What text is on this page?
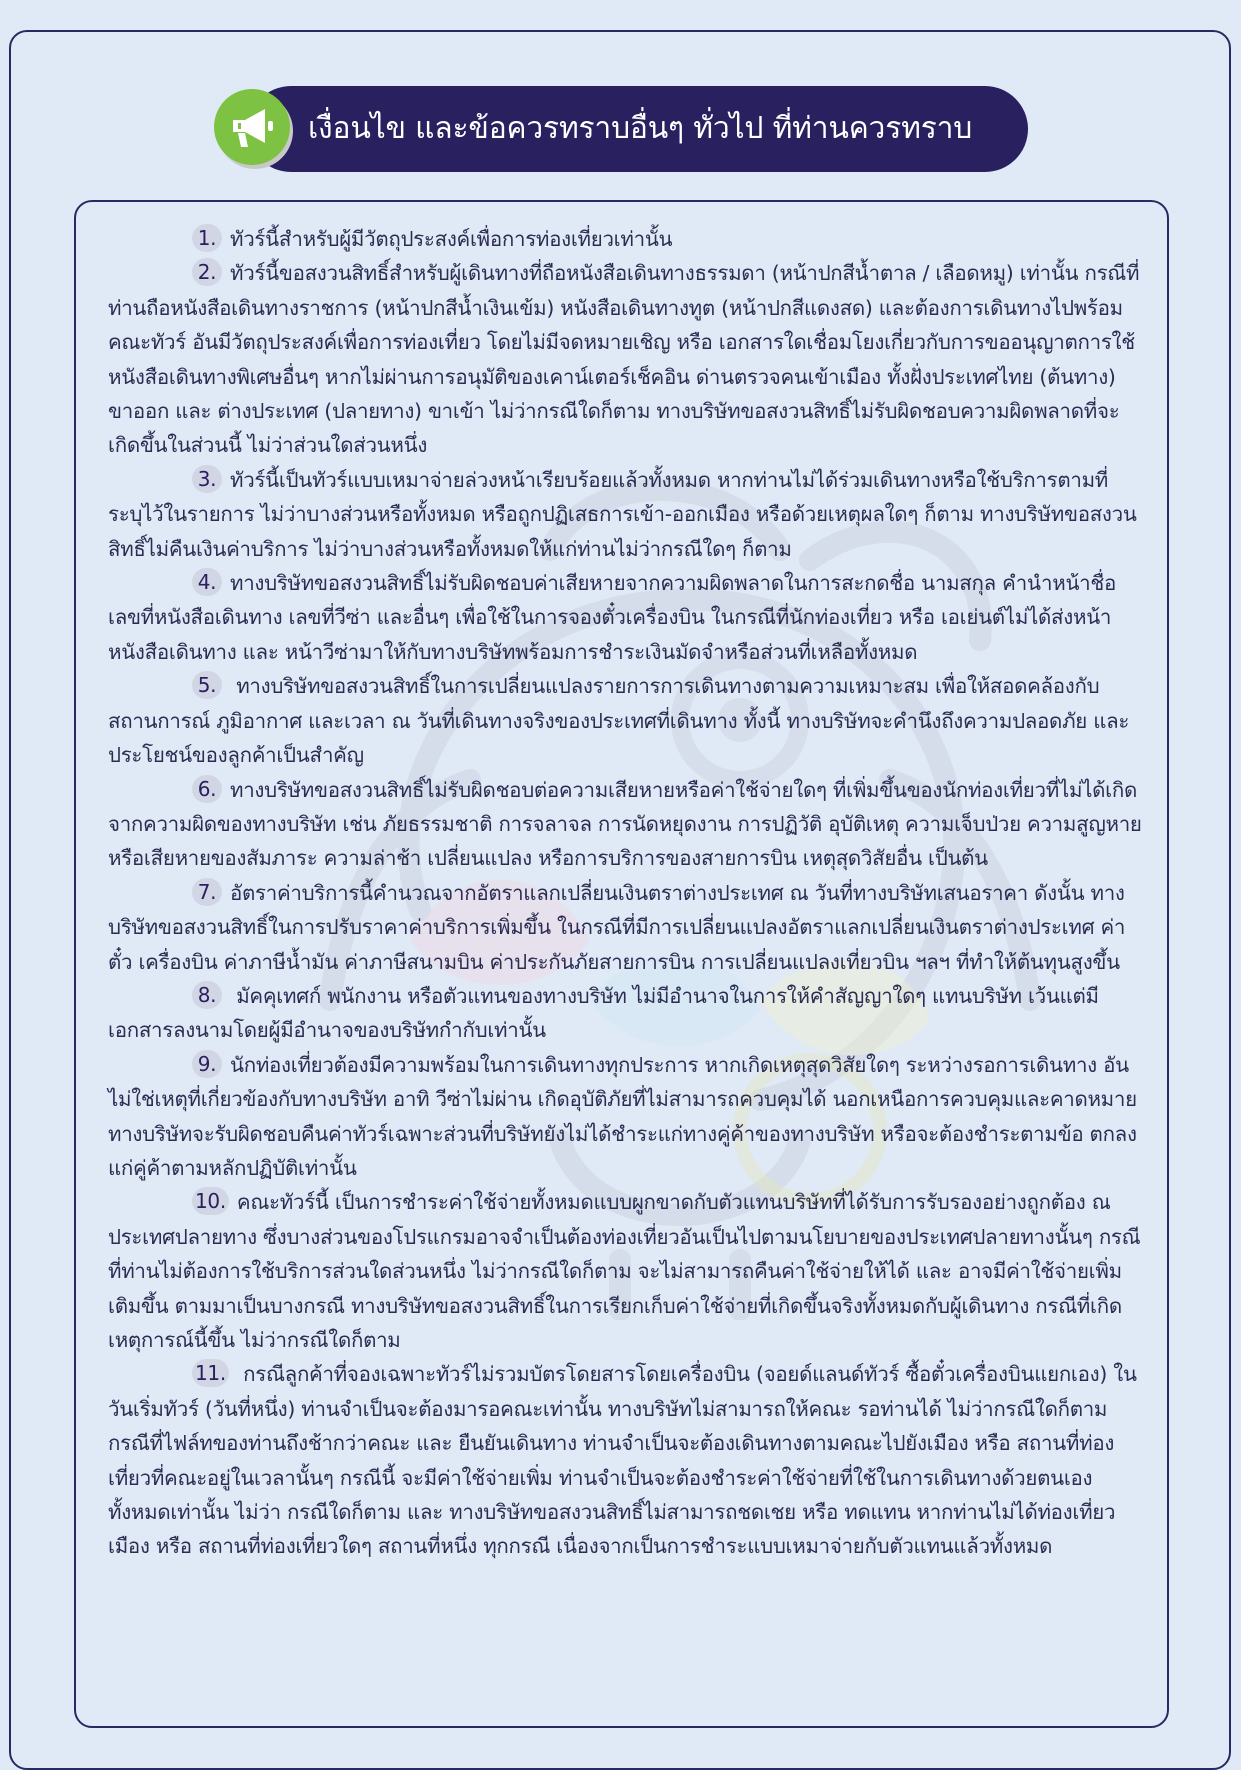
เงื่อนไข และข้อควรทราบอื่นๆ ทั่วไป ที่ท่านควรทราบ
1. ทัวร์นี้สำหรับผู้มีวัตถุประสงค์เพื่อการท่องเที่ยวเท่านั้น
2. ทัวร์นี้ขอสงวนสิทธิ์สำหรับผู้เดินทางที่ถือหนังสือเดินทางธรรมดา (หน้าปกสีน้ำตาล / เลือดหมู) เท่านั้น กรณีที่ท่านถือหนังสือเดินทางราชการ (หน้าปกสีน้ำเงินเข้ม) หนังสือเดินทางทูต (หน้าปกสีแดงสด) และต้องการเดินทางไปพร้อมคณะทัวร์ อันมีวัตถุประสงค์เพื่อการท่องเที่ยว โดยไม่มีจดหมายเชิญ หรือ เอกสารใดเชื่อมโยงเกี่ยวกับการขออนุญาตการใช้หนังสือเดินทางพิเศษอื่นๆ หากไม่ผ่านการอนุมัติของเคาน์เตอร์เช็คอิน ด่านตรวจคนเข้าเมือง ทั้งฝั่งประเทศไทย (ต้นทาง) ขาออก และ ต่างประเทศ (ปลายทาง) ขาเข้า ไม่ว่ากรณีใดก็ตาม ทางบริษัทขอสงวนสิทธิ์ไม่รับผิดชอบความผิดพลาดที่จะเกิดขึ้นในส่วนนี้ ไม่ว่าส่วนใดส่วนหนึ่ง
3. ทัวร์นี้เป็นทัวร์แบบเหมาจ่ายล่วงหน้าเรียบร้อยแล้วทั้งหมด หากท่านไม่ได้ร่วมเดินทางหรือใช้บริการตามที่ระบุไว้ในรายการ ไม่ว่าบางส่วนหรือทั้งหมด หรือถูกปฏิเสธการเข้า-ออกเมือง หรือด้วยเหตุผลใดๆ ก็ตาม ทางบริษัทขอสงวนสิทธิ์ไม่คืนเงินค่าบริการ ไม่ว่าบางส่วนหรือทั้งหมดให้แก่ท่านไม่ว่ากรณีใดๆ ก็ตาม
4. ทางบริษัทขอสงวนสิทธิ์ไม่รับผิดชอบค่าเสียหายจากความผิดพลาดในการสะกดชื่อ นามสกุล คำนำหน้าชื่อ เลขที่หนังสือเดินทาง เลขที่วีซ่า และอื่นๆ เพื่อใช้ในการจองตั๋วเครื่องบิน ในกรณีที่นักท่องเที่ยว หรือ เอเย่นต์ไม่ได้ส่งหน้าหนังสือเดินทาง และ หน้าวีซ่ามาให้กับทางบริษัทพร้อมการชำระเงินมัดจำหรือส่วนที่เหลือทั้งหมด
5. ทางบริษัทขอสงวนสิทธิ์ในการเปลี่ยนแปลงรายการการเดินทางตามความเหมาะสม เพื่อให้สอดคล้องกับ สถานการณ์ ภูมิอากาศ และเวลา ณ วันที่เดินทางจริงของประเทศที่เดินทาง ทั้งนี้ ทางบริษัทจะคำนึงถึงความปลอดภัย และ ประโยชน์ของลูกค้าเป็นสำคัญ
6. ทางบริษัทขอสงวนสิทธิ์ไม่รับผิดชอบต่อความเสียหายหรือค่าใช้จ่ายใดๆ ที่เพิ่มขึ้นของนักท่องเที่ยวที่ไม่ได้เกิดจากความผิดของทางบริษัท เช่น ภัยธรรมชาติ การจลาจล การนัดหยุดงาน การปฏิวัติ อุบัติเหตุ ความเจ็บป่วย ความสูญหายหรือเสียหายของสัมภาระ ความล่าช้า เปลี่ยนแปลง หรือการบริการของสายการบิน เหตุสุดวิสัยอื่น เป็นต้น
7. อัตราค่าบริการนี้คำนวณจากอัตราแลกเปลี่ยนเงินตราต่างประเทศ ณ วันที่ทางบริษัทเสนอราคา ดังนั้น ทางบริษัทขอสงวนสิทธิ์ในการปรับราคาค่าบริการเพิ่มขึ้น ในกรณีที่มีการเปลี่ยนแปลงอัตราแลกเปลี่ยนเงินตราต่างประเทศ ค่าตั๋ว เครื่องบิน ค่าภาษีน้ำมัน ค่าภาษีสนามบิน ค่าประกันภัยสายการบิน การเปลี่ยนแปลงเที่ยวบิน ฯลฯ ที่ทำให้ต้นทุนสูงขึ้น
8. มัคคุเทศก์ พนักงาน หรือตัวแทนของทางบริษัท ไม่มีอำนาจในการให้คำสัญญาใดๆ แทนบริษัท เว้นแต่มีเอกสารลงนามโดยผู้มีอำนาจของบริษัทกำกับเท่านั้น
9. นักท่องเที่ยวต้องมีความพร้อมในการเดินทางทุกประการ หากเกิดเหตุสุดวิสัยใดๆ ระหว่างรอการเดินทาง อันไม่ใช่เหตุที่เกี่ยวข้องกับทางบริษัท อาทิ วีซ่าไม่ผ่าน เกิดอุบัติภัยที่ไม่สามารถควบคุมได้ นอกเหนือการควบคุมและคาดหมาย ทางบริษัทจะรับผิดชอบคืนค่าทัวร์เฉพาะส่วนที่บริษัทยังไม่ได้ชำระแก่ทางคู่ค้าของทางบริษัท หรือจะต้องชำระตามข้อ ตกลงแก่คู่ค้าตามหลักปฏิบัติเท่านั้น
10. คณะทัวร์นี้ เป็นการชำระค่าใช้จ่ายทั้งหมดแบบผูกขาดกับตัวแทนบริษัทที่ได้รับการรับรองอย่างถูกต้อง ณ ประเทศปลายทาง ซึ่งบางส่วนของโปรแกรมอาจจำเป็นต้องท่องเที่ยวอันเป็นไปตามนโยบายของประเทศปลายทางนั้นๆ กรณีที่ท่านไม่ต้องการใช้บริการส่วนใดส่วนหนึ่ง ไม่ว่ากรณีใดก็ตาม จะไม่สามารถคืนค่าใช้จ่ายให้ได้ และ อาจมีค่าใช้จ่ายเพิ่มเติมขึ้น ตามมาเป็นบางกรณี ทางบริษัทขอสงวนสิทธิ์ในการเรียกเก็บค่าใช้จ่ายที่เกิดขึ้นจริงทั้งหมดกับผู้เดินทาง กรณีที่เกิดเหตุการณ์นี้ขึ้น ไม่ว่ากรณีใดก็ตาม
11. กรณีลูกค้าที่จองเฉพาะทัวร์ไม่รวมบัตรโดยสารโดยเครื่องบิน (จอยด์แลนด์ทัวร์ ซื้อตั๋วเครื่องบินแยกเอง) ในวันเริ่มทัวร์ (วันที่หนึ่ง) ท่านจำเป็นจะต้องมารอคณะเท่านั้น ทางบริษัทไม่สามารถให้คณะ รอท่านได้ ไม่ว่ากรณีใดก็ตาม กรณีที่ไฟล์ทของท่านถึงช้ากว่าคณะ และ ยืนยันเดินทาง ท่านจำเป็นจะต้องเดินทางตามคณะไปยังเมือง หรือ สถานที่ท่องเที่ยวที่คณะอยู่ในเวลานั้นๆ กรณีนี้ จะมีค่าใช้จ่ายเพิ่ม ท่านจำเป็นจะต้องชำระค่าใช้จ่ายที่ใช้ในการเดินทางด้วยตนเองทั้งหมดเท่านั้น ไม่ว่า กรณีใดก็ตาม และ ทางบริษัทขอสงวนสิทธิ์ไม่สามารถชดเชย หรือ ทดแทน หากท่านไม่ได้ท่องเที่ยวเมือง หรือ สถานที่ท่องเที่ยวใดๆ สถานที่หนึ่ง ทุกกรณี เนื่องจากเป็นการชำระแบบเหมาจ่ายกับตัวแทนแล้วทั้งหมด
